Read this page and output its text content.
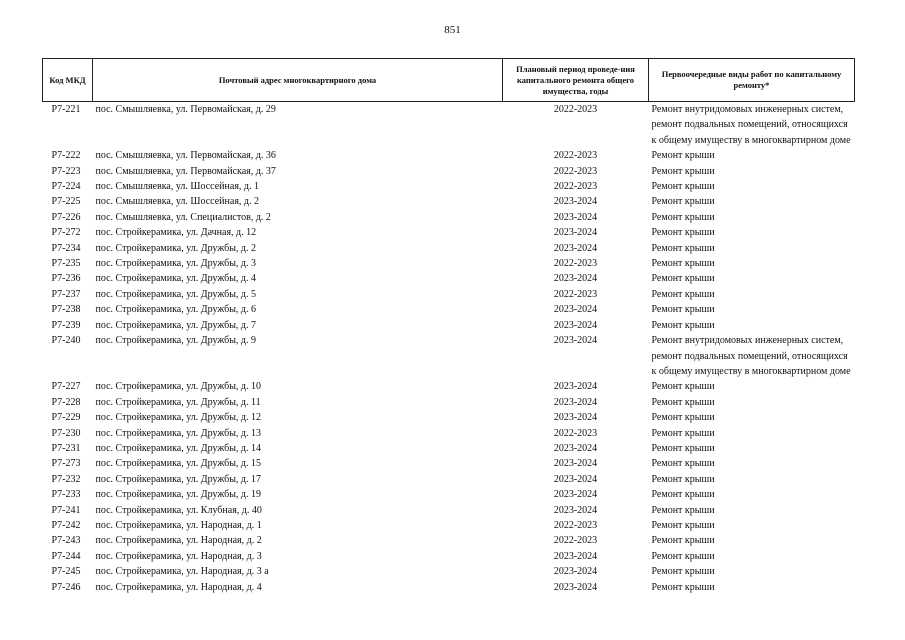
851
Код МКД	Почтовый адрес многоквартирного дома	Плановый период проведе-ния капитального ремонта общего имущества, годы	Первоочередные виды работ по капитальному ремонту*
Р7-221	пос. Смышляевка, ул. Первомайская, д. 29	2022-2023	Ремонт внутридомовых инженерных систем, ремонт подвальных помещений, относящихся к общему имуществу в многоквартирном доме
Р7-222	пос. Смышляевка, ул. Первомайская, д. 36	2022-2023	Ремонт крыши
Р7-223	пос. Смышляевка, ул. Первомайская, д. 37	2022-2023	Ремонт крыши
Р7-224	пос. Смышляевка, ул. Шоссейная, д. 1	2022-2023	Ремонт крыши
Р7-225	пос. Смышляевка, ул. Шоссейная, д. 2	2023-2024	Ремонт крыши
Р7-226	пос. Смышляевка, ул. Специалистов, д. 2	2023-2024	Ремонт крыши
Р7-272	пос. Стройкерамика, ул. Дачная, д. 12	2023-2024	Ремонт крыши
Р7-234	пос. Стройкерамика, ул. Дружбы, д. 2	2023-2024	Ремонт крыши
Р7-235	пос. Стройкерамика, ул. Дружбы, д. 3	2022-2023	Ремонт крыши
Р7-236	пос. Стройкерамика, ул. Дружбы, д. 4	2023-2024	Ремонт крыши
Р7-237	пос. Стройкерамика, ул. Дружбы, д. 5	2022-2023	Ремонт крыши
Р7-238	пос. Стройкерамика, ул. Дружбы, д. 6	2023-2024	Ремонт крыши
Р7-239	пос. Стройкерамика, ул. Дружбы, д. 7	2023-2024	Ремонт крыши
Р7-240	пос. Стройкерамика, ул. Дружбы, д. 9	2023-2024	Ремонт внутридомовых инженерных систем, ремонт подвальных помещений, относящихся к общему имуществу в многоквартирном доме
Р7-227	пос. Стройкерамика, ул. Дружбы, д. 10	2023-2024	Ремонт крыши
Р7-228	пос. Стройкерамика, ул. Дружбы, д. 11	2023-2024	Ремонт крыши
Р7-229	пос. Стройкерамика, ул. Дружбы, д. 12	2023-2024	Ремонт крыши
Р7-230	пос. Стройкерамика, ул. Дружбы, д. 13	2022-2023	Ремонт крыши
Р7-231	пос. Стройкерамика, ул. Дружбы, д. 14	2023-2024	Ремонт крыши
Р7-273	пос. Стройкерамика, ул. Дружбы, д. 15	2023-2024	Ремонт крыши
Р7-232	пос. Стройкерамика, ул. Дружбы, д. 17	2023-2024	Ремонт крыши
Р7-233	пос. Стройкерамика, ул. Дружбы, д. 19	2023-2024	Ремонт крыши
Р7-241	пос. Стройкерамика, ул. Клубная, д. 40	2023-2024	Ремонт крыши
Р7-242	пос. Стройкерамика, ул. Народная, д. 1	2022-2023	Ремонт крыши
Р7-243	пос. Стройкерамика, ул. Народная, д. 2	2022-2023	Ремонт крыши
Р7-244	пос. Стройкерамика, ул. Народная, д. 3	2023-2024	Ремонт крыши
Р7-245	пос. Стройкерамика, ул. Народная, д. 3 а	2023-2024	Ремонт крыши
Р7-246	пос. Стройкерамика, ул. Народная, д. 4	2023-2024	Ремонт крыши
